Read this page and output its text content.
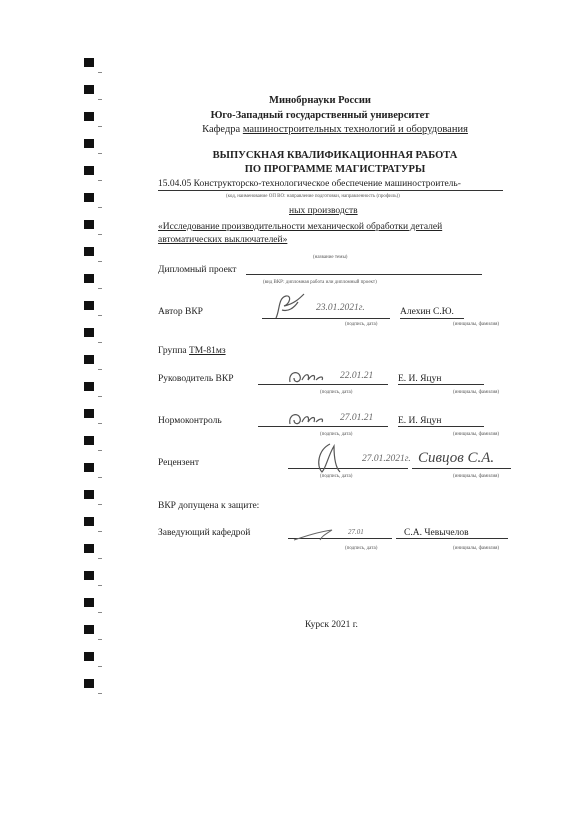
Минобрнауки России
Юго-Западный государственный университет
Кафедра машиностроительных технологий и оборудования
ВЫПУСКНАЯ КВАЛИФИКАЦИОННАЯ РАБОТА
ПО ПРОГРАММЕ МАГИСТРАТУРЫ
15.04.05 Конструкторско-технологическое обеспечение машиностроитель-
(код, наименование ОП ВО: направление подготовки, направленность (профиль))
ных производств
«Исследование производительности механической обработки деталей
автоматических выключателей»
(название темы)
Дипломный проект
(вид ВКР: дипломная работа или дипломный проект)
Автор ВКР	23.01.2021г.	Алехин С.Ю.
(подпись, дата)	(инициалы, фамилия)
Группа ТМ-81мз
Руководитель ВКР	22.01.21	Е. И. Яцун
(подпись, дата)	(инициалы, фамилия)
Нормоконтроль	27.01.21	Е. И. Яцун
(подпись, дата)	(инициалы, фамилия)
Рецензент	27.01.2021г. Сивцов С.А.
(подпись, дата)	(инициалы, фамилия)
ВКР допущена к защите:
Заведующий кафедрой	27.01	С.А. Чевычелов
(подпись, дата)	(инициалы, фамилия)
Курск 2021 г.
